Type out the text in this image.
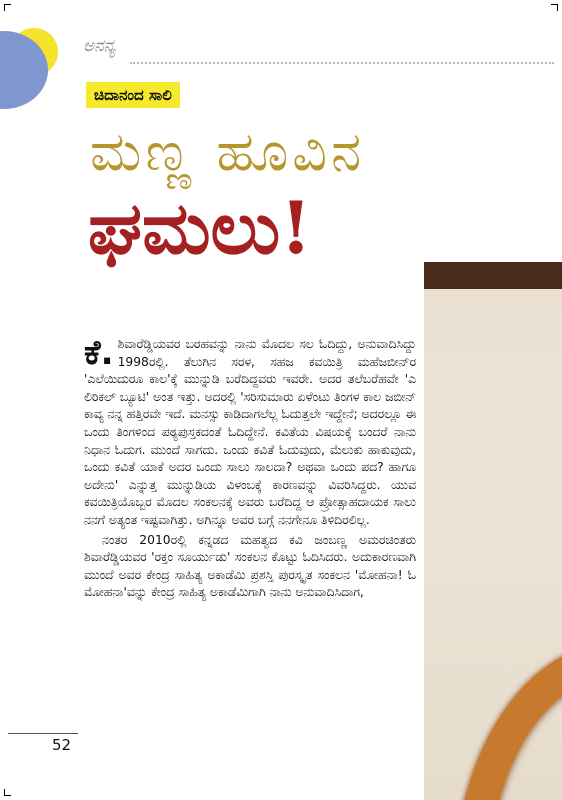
ಅನನ್ಯ
ಚಿದಾನಂದ ಸಾಲಿ
ಮಣ್ಣ ಹೂವಿನ
ಘಮಲು!

ಕೆ. ಶಿವಾರೆಡ್ಡಿಯವರ ಬರಹವನ್ನು ನಾನು ಮೊದಲ ಸಲ ಓದಿದ್ದು, ಅನುವಾದಿಸಿದ್ದು 1998ರಲ್ಲಿ. ತೆಲುಗಿನ ಸರಳ, ಸಹಜ ಕವಯಿತ್ರಿ ಮಹೆಜಬೀನ್‌ರ 'ಎಲೆಯಿದುರೂ ಕಾಲ'ಕ್ಕೆ ಮುನ್ನುಡಿ ಬರೆದಿದ್ದವರು ಇವರೇ. ಅದರ ತಲೆಬರೆಹವೇ 'ಎ ಲಿರಿಕಲ್ ಬ್ಯೂಟಿ' ಅಂತ ಇತ್ತು. ಅದರಲ್ಲಿ 'ಸರಿಸುಮಾರು ಏಳೆಂಟು ತಿಂಗಳ ಕಾಲ ಜಬೀನ್ ಕಾವ್ಯ ನನ್ನ ಹತ್ತಿರವೇ ಇದೆ. ಮನಸ್ಸು ಕಾಡಿದಾಗಲೆಲ್ಲ ಓದುತ್ತಲೇ ಇದ್ದೇನೆ; ಅದರಲ್ಲೂ ಈ ಒಂದು ತಿಂಗಳಿಂದ ಪಠ್ಯಪುಸ್ತಕದಂತೆ ಓದಿದ್ದೇನೆ. ಕವಿತೆಯ ವಿಷಯಕ್ಕೆ ಬಂದರೆ ನಾನು ನಿಧಾನ ಓದುಗ. ಮುಂದೆ ಸಾಗದು. ಒಂದು ಕವಿತೆ ಓದುವುದು, ಮೆಲುಕು ಹಾಕುವುದು, ಒಂದು ಕವಿತೆ ಯಾಕೆ ಅದರ ಒಂದು ಸಾಲು ಸಾಲದಾ? ಅಥವಾ ಒಂದು ಪದ? ಹಾಗೂ ಅದೇನು' ಎನ್ನುತ್ತ ಮುನ್ನುಡಿಯ ವಿಳಂಬಕ್ಕೆ ಕಾರಣವನ್ನು ವಿವರಿಸಿದ್ದರು. ಯುವ ಕವಯಿತ್ರಿಯೊಬ್ಬರ ಮೊದಲ ಸಂಕಲನಕ್ಕೆ ಅವರು ಬರೆದಿದ್ದ ಆ ಪ್ರೋತ್ಸಾಹದಾಯಕ ಸಾಲು ನನಗೆ ಅತ್ಯಂತ ಇಷ್ಟವಾಗಿತ್ತು. ಅಗಿನ್ನೂ ಅವರ ಬಗ್ಗೆ ನನಗೇನೂ ತಿಳಿದಿರಲಿಲ್ಲ.

ನಂತರ 2010ರಲ್ಲಿ ಕನ್ನಡದ ಮಹತ್ವದ ಕವಿ ಜಂಬಣ್ಣ ಅಮರಚಿಂತರು ಶಿವಾರೆಡ್ಡಿಯವರ 'ರಕ್ತಂ ಸೂರ್ಯುಡು' ಸಂಕಲನ ಕೊಟ್ಟು ಓದಿಸಿದರು. ಅದುಕಾರಣವಾಗಿ ಮುಂದೆ ಅವರ ಕೇಂದ್ರ ಸಾಹಿತ್ಯ ಅಕಾಡೆಮಿ ಪ್ರಶಸ್ತಿ ಪುರಸ್ಕೃತ ಸಂಕಲನ 'ಮೋಹನಾ! ಓ ಮೋಹನಾ'ವನ್ನು ಕೇಂದ್ರ ಸಾಹಿತ್ಯ ಅಕಾಡೆಮಿಗಾಗಿ ನಾನು ಅನುವಾದಿಸಿದಾಗ,

52
